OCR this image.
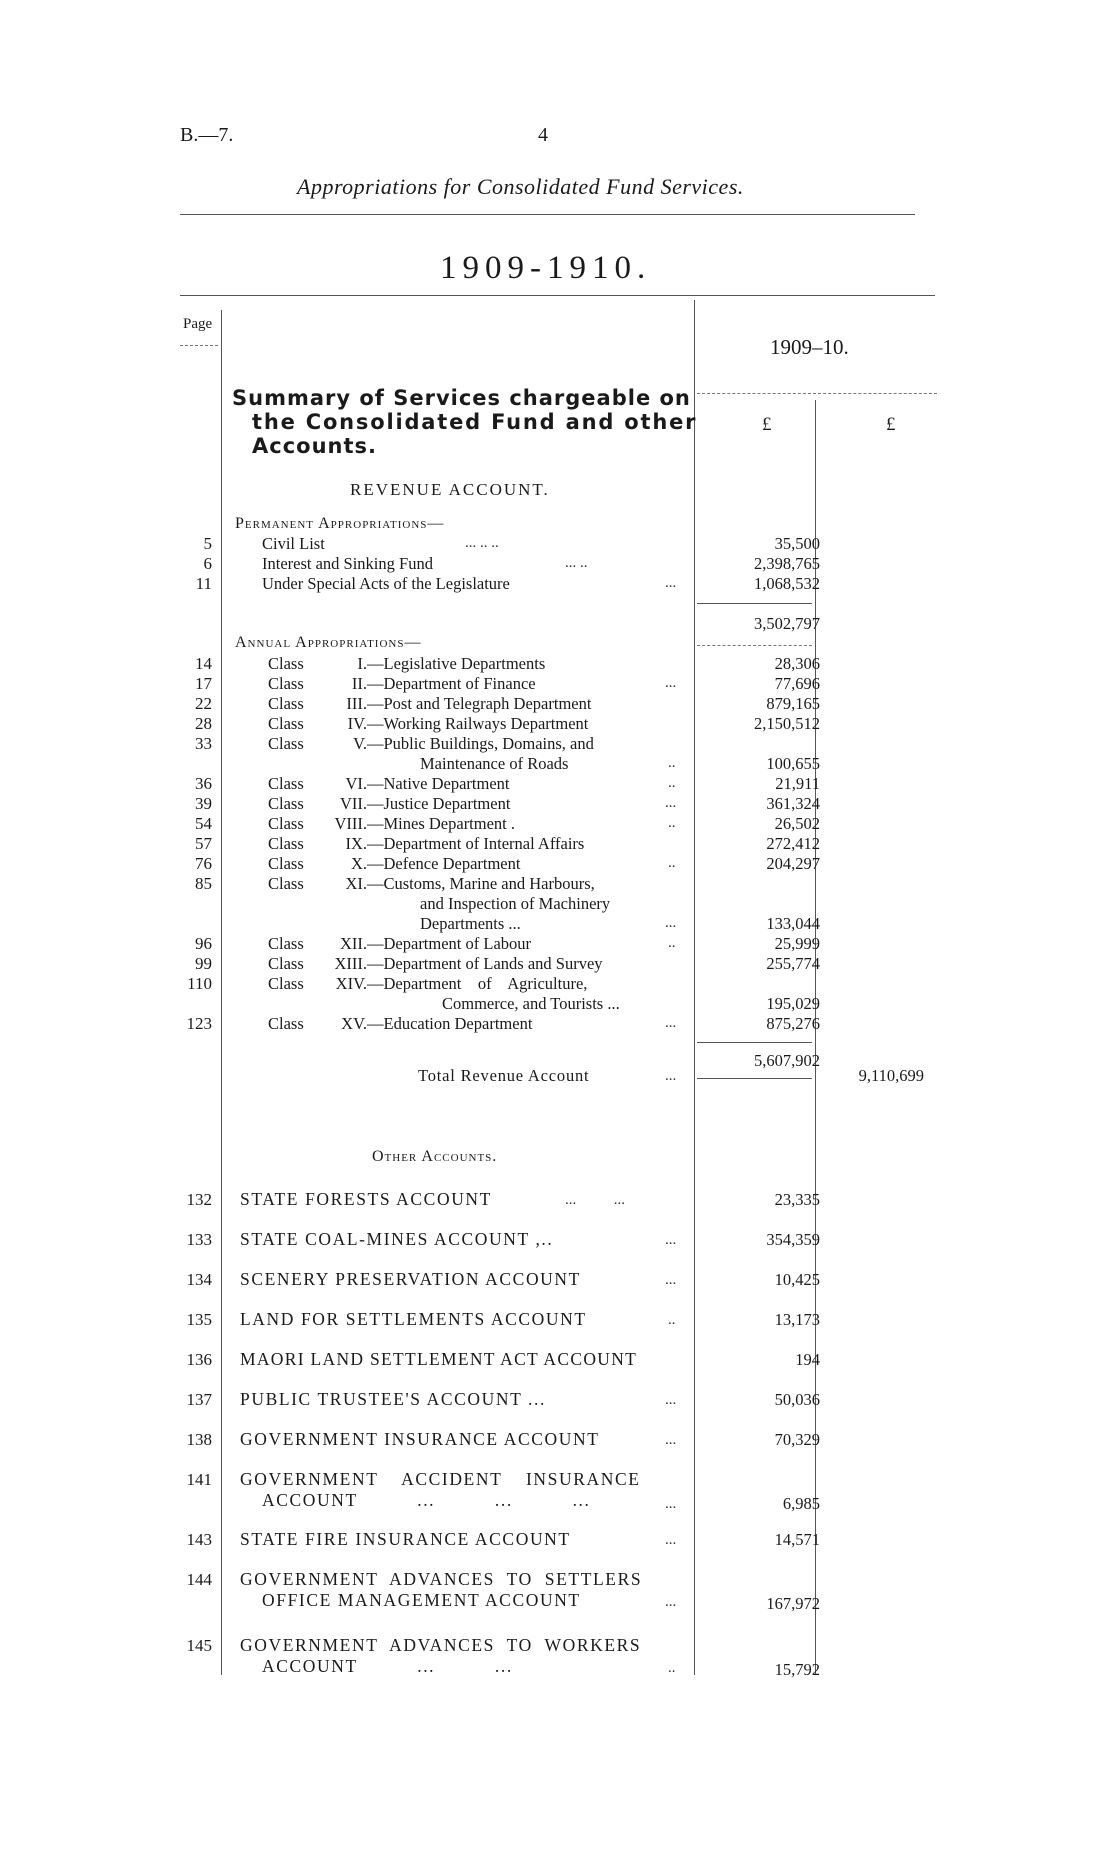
B.—7.	4
Appropriations for Consolidated Fund Services.
1909-1910.
Page
1909–10.
£	£
Summary of Services chargeable on
the Consolidated Fund and other
Accounts.
REVENUE ACCOUNT.
Permanent Appropriations—
5	Civil List	... .. ..	35,500
6	Interest and Sinking Fund	... ..	2,398,765
11	Under Special Acts of the Legislature	...	1,068,532
3,502,797
Annual Appropriations—
14	Class	I. —Legislative Departments	28,306
17	Class	II. —Department of Finance	...	77,696
22	Class	III. —Post and Telegraph Department	879,165
28	Class	IV. —Working Railways Department	2,150,512
33	Class	V. —Public Buildings, Domains, and
Maintenance of Roads	..	100,655
36	Class	VI. —Native Department	..	21,911
39	Class VII. —Justice Department	...	361,324
54	Class VIII. —Mines Department .	..	26,502
57	Class	IX. —Department of Internal Affairs	272,412
76	Class	X. —Defence Department	..	204,297
85	Class	XI. —Customs, Marine and Harbours,
and Inspection of Machinery
Departments ...	...	133,044
96	Class XII. —Department of Labour	..	25,999
99	Class XIII. —Department of Lands and Survey	255,774
110	Class XIV. —Department    of    Agriculture,
Commerce, and Tourists ...	195,029
123	Class XV. —Education Department	...	875,276
5,607,902
Total Revenue Account	...	9,110,699
Other Accounts.
132 STATE FORESTS ACCOUNT	...          ...	23,335
133 STATE COAL-MINES ACCOUNT ,..	...	354,359
134 SCENERY PRESERVATION ACCOUNT	...	10,425
135 LAND FOR SETTLEMENTS ACCOUNT	..	13,173
136 MAORI LAND SETTLEMENT ACT ACCOUNT	194
137 PUBLIC TRUSTEE'S ACCOUNT ...	...	50,036
138 GOVERNMENT INSURANCE ACCOUNT	...	70,329
141 GOVERNMENT    ACCIDENT    INSURANCE
ACCOUNT          ...          ...          ...	...	6,985
143 STATE FIRE INSURANCE ACCOUNT	...	14,571
144 GOVERNMENT  ADVANCES  TO  SETTLERS
OFFICE MANAGEMENT ACCOUNT	...	167,972
145 GOVERNMENT  ADVANCES  TO  WORKERS
ACCOUNT          ...          ...	..	15,792
